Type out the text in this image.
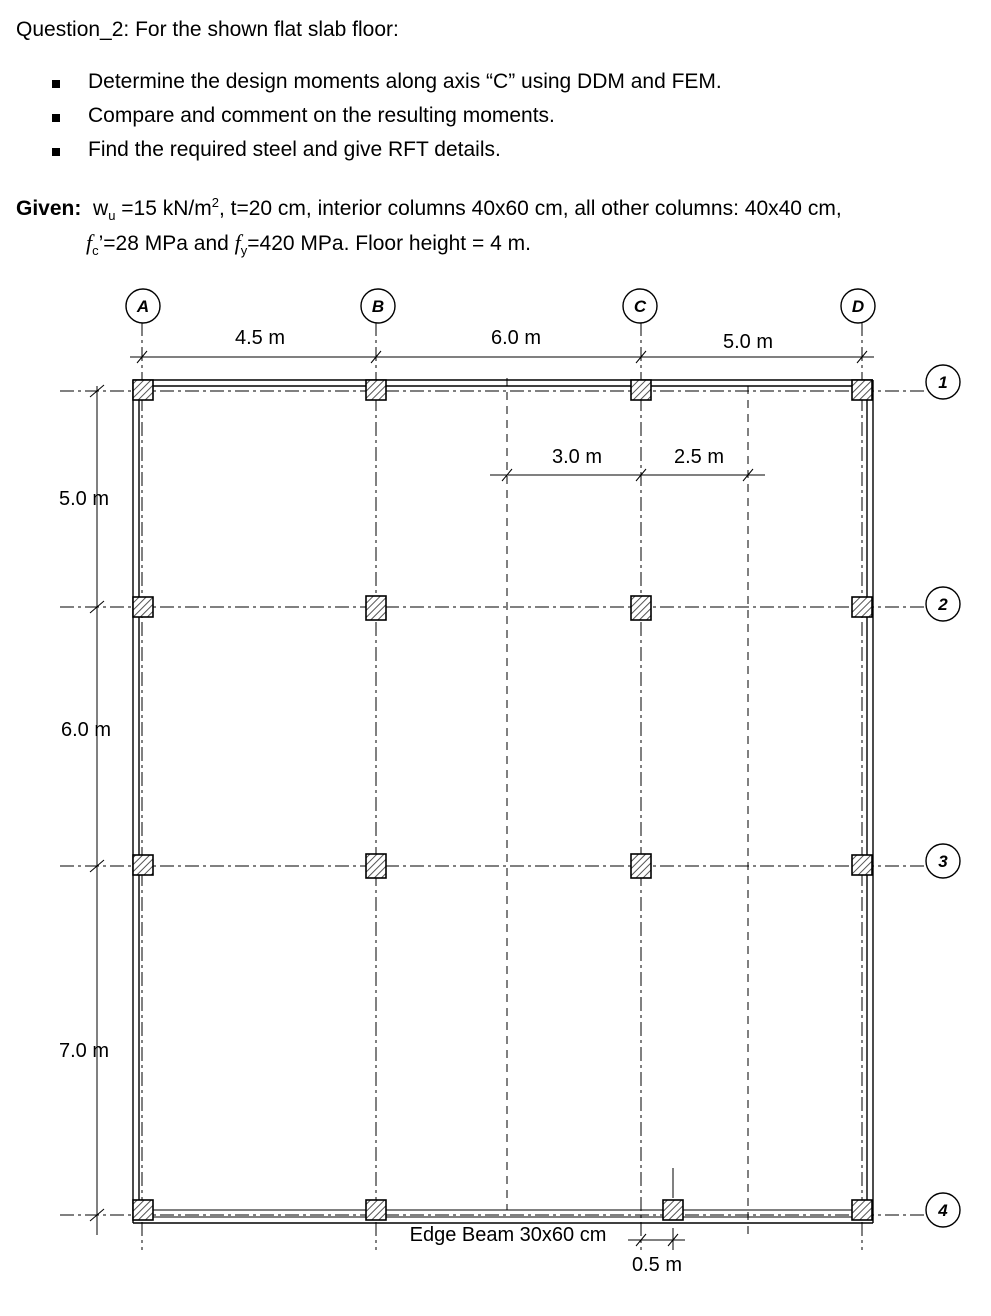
Question_2: For the shown flat slab floor:
Determine the design moments along axis “C” using DDM and FEM.
Compare and comment on the resulting moments.
Find the required steel and give RFT details.
Given: $w_u =15$ $kN/m^2$, t=20 cm, interior columns 40x60 cm, all other columns: 40x40 cm,
$f_c’=28$ MPa and $f_y=420$ MPa. Floor height = 4 m.
A	B	C	D
1
2
3
4
4.5 m	6.0 m	5.0 m
5.0 m
6.0 m
7.0 m
3.0 m	2.5 m
Edge Beam 30x60 cm
0.5 m
